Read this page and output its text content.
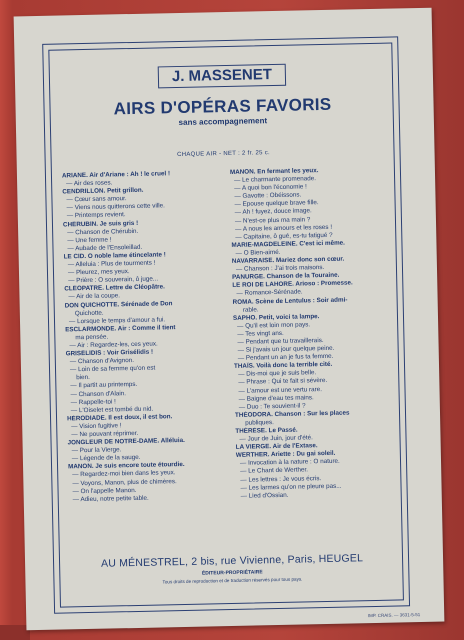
J. MASSENET
AIRS D'OPÉRAS FAVORIS
sans accompagnement
CHAQUE AIR - NET : 2 fr. 25 c.
ARIANE. Air d'Ariane : Ah ! le cruel !
— Air des roses.
CENDRILLON. Petit grillon.
— Cœur sans amour.
— Viens nous quitterons cette ville.
— Printemps revient.
CHÉRUBIN. Je suis gris !
— Chanson de Chérubin.
— Une femme !
— Aubade de l'Ensoleillad.
LE CID. O noble lame étincelante !
— Alleluia : Plus de tourments !
— Pleurez, mes yeux.
— Prière : O souverain, ô juge...
CLÉOPATRE. Lettre de Cléopâtre.
— Air de la coupe.
DON QUICHOTTE. Sérénade de Don
Quichotte.
— Lorsque le temps d'amour a fui.
ESCLARMONDE. Air : Comme il tient
ma pensée.
— Air : Regardez-les, ces yeux.
GRISÉLIDIS : Voir Grisélidis !
— Chanson d'Avignon.
— Loin de sa femme qu'on est
bien.
— Il partit au printemps.
— Chanson d'Alain.
— Rappelle-toi !
— L'Oiselet est tombé du nid.
HÉRODIADE. Il est doux, il est bon.
— Vision fugitive !
— Ne pouvant réprimer.
JONGLEUR DE NOTRE-DAME. Alléluia.
— Pour la Vierge.
— Légende de la sauge.
MANON. Je suis encore toute étourdie.
— Regardez-moi bien dans les yeux.
— Voyons, Manon, plus de chimères.
— On l'appelle Manon.
— Adieu, notre petite table.
MANON. En fermant les yeux.
— Le charmante promenade.
— A quoi bon l'économie !
— Gavotte : Obéissons.
— Epouse quelque brave fille.
— Ah ! fuyez, douce image.
— N'est-ce plus ma main ?
— A nous les amours et les roses !
— Capitaine, ô gué, es-tu fatigué ?
MARIE-MAGDELEINE. C'est ici même.
— O Bien-aimé.
NAVARRAISE. Mariez donc son cœur.
— Chanson : J'ai trois maisons.
PANURGE. Chanson de la Touraine.
LE ROI DE LAHORE. Arioso : Promesse.
— Romance-Sérénade.
ROMA. Scène de Lentulus : Soir admi-
rable.
SAPHO. Petit, voici ta lampe.
— Qu'il est loin mon pays.
— Tes vingt ans.
— Pendant que tu travaillerais.
— Si j'avais un jour quelque peine.
— Pendant un an je fus ta femme.
THAÏS. Voilà donc la terrible cité.
— Dis-moi que je suis belle.
— Phrase : Qui te fait si sévère.
— L'amour est une vertu rare.
— Baigne d'eau tes mains.
— Duo : Te souvient-il ?
THÉODORA. Chanson : Sur les places
publiques.
THÉRÈSE. Le Passé.
— Jour de Juin, jour d'été.
LA VIERGE. Air de l'Extase.
WERTHER. Ariette : Du gai soleil.
— Invocation à la nature : O nature.
— Le Chant de Werther.
— Les lettres : Je vous écris.
— Les larmes qu'on ne pleure pas...
— Lied d'Ossian.
AU MÉNESTREL, 2 bis, rue Vivienne, Paris, HEUGEL
ÉDITEUR-PROPRIÉTAIRE
Tous droits de reproduction et de traduction réservés pour tous pays.
IMP. CRAIS. — 3631-5-51
